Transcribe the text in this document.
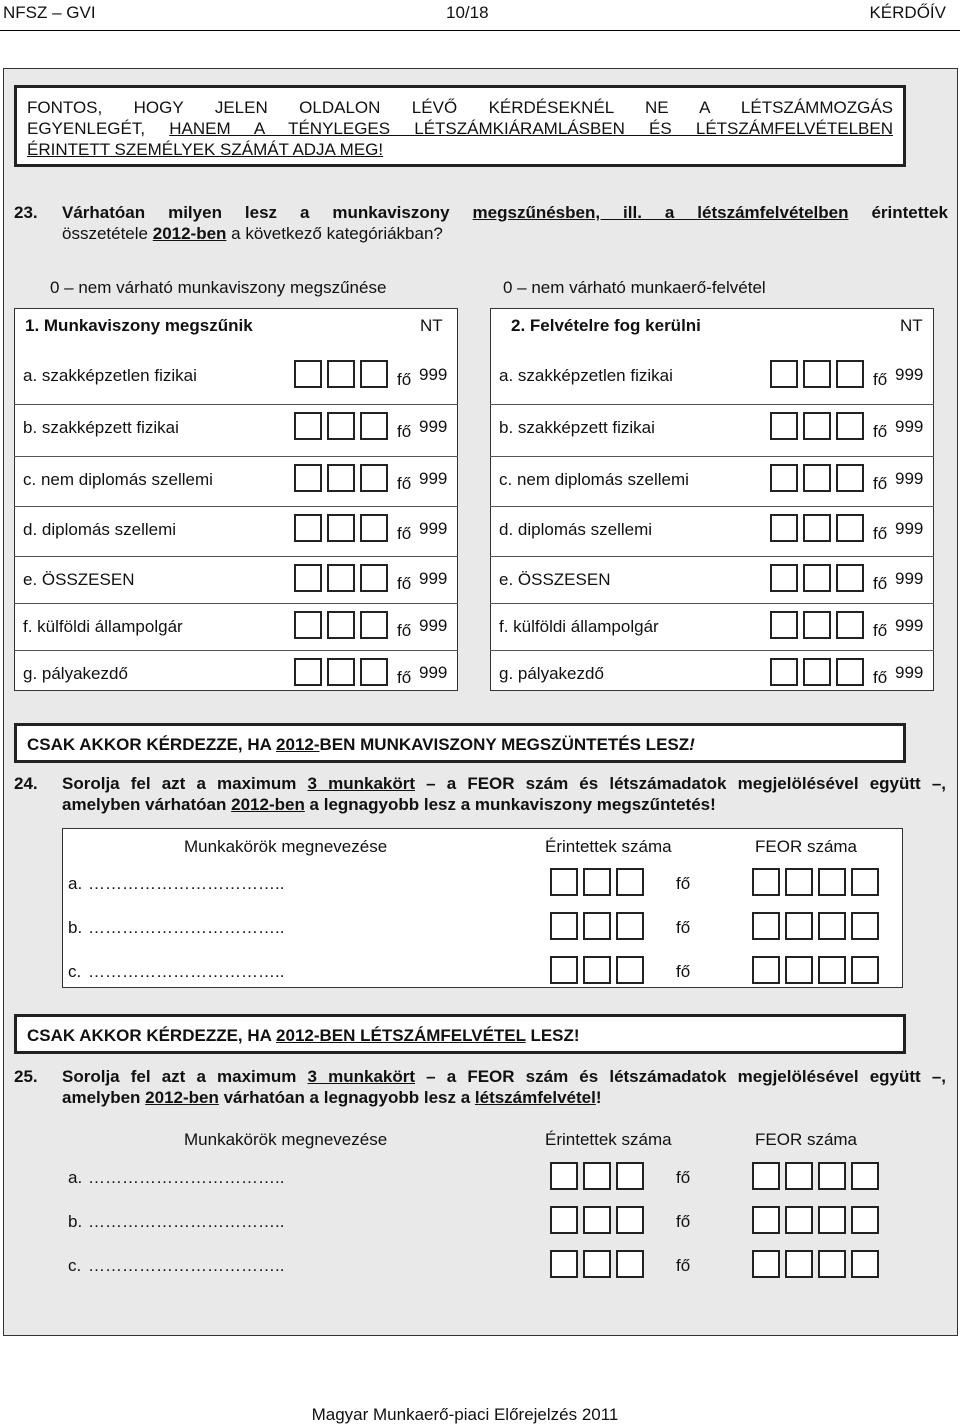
NFSZ – GVI	10/18	KÉRDŐÍV
FONTOS, HOGY JELEN OLDALON LÉVŐ KÉRDÉSEKNÉL NE A LÉTSZÁMMOZGÁS
EGYENLEGÉT, HANEM A TÉNYLEGES LÉTSZÁMKIÁRAMLÁSBEN ÉS LÉTSZÁMFELVÉTELBEN
ÉRINTETT SZEMÉLYEK SZÁMÁT ADJA MEG!
23. Várhatóan milyen lesz a munkaviszony megszűnésben, ill. a létszámfelvételben érintettek
összetétele 2012-ben a következő kategóriákban?
0 – nem várható munkaviszony megszűnése	0 – nem várható munkaerő-felvétel
1. Munkaviszony megszűnik	NT
a. szakképzetlen fizikai	fő 999
b. szakképzett fizikai	fő 999
c. nem diplomás szellemi	fő 999
d. diplomás szellemi	fő 999
e. ÖSSZESEN	fő 999
f. külföldi állampolgár	fő 999
g. pályakezdő	fő 999
2. Felvételre fog kerülni	NT
a. szakképzetlen fizikai	fő 999
b. szakképzett fizikai	fő 999
c. nem diplomás szellemi	fő 999
d. diplomás szellemi	fő 999
e. ÖSSZESEN	fő 999
f. külföldi állampolgár	fő 999
g. pályakezdő	fő 999
CSAK AKKOR KÉRDEZZE, HA 2012-BEN MUNKAVISZONY MEGSZÜNTETÉS LESZ!
24. Sorolja fel azt a maximum 3 munkakört – a FEOR szám és létszámadatok megjelölésével együtt –,
amelyben várhatóan 2012-ben a legnagyobb lesz a munkaviszony megszűntetés!
Munkakörök megnevezése	Érintettek száma	FEOR száma
a. ……………………………..	fő
b. ……………………………..	fő
c. ……………………………..	fő
CSAK AKKOR KÉRDEZZE, HA 2012-BEN LÉTSZÁMFELVÉTEL LESZ!
25. Sorolja fel azt a maximum 3 munkakört – a FEOR szám és létszámadatok megjelölésével együtt –,
amelyben 2012-ben várhatóan a legnagyobb lesz a létszámfelvétel!
Munkakörök megnevezése	Érintettek száma	FEOR száma
a. ……………………………..	fő
b. ……………………………..	fő
c. ……………………………..	fő
Magyar Munkaerő-piaci Előrejelzés 2011
